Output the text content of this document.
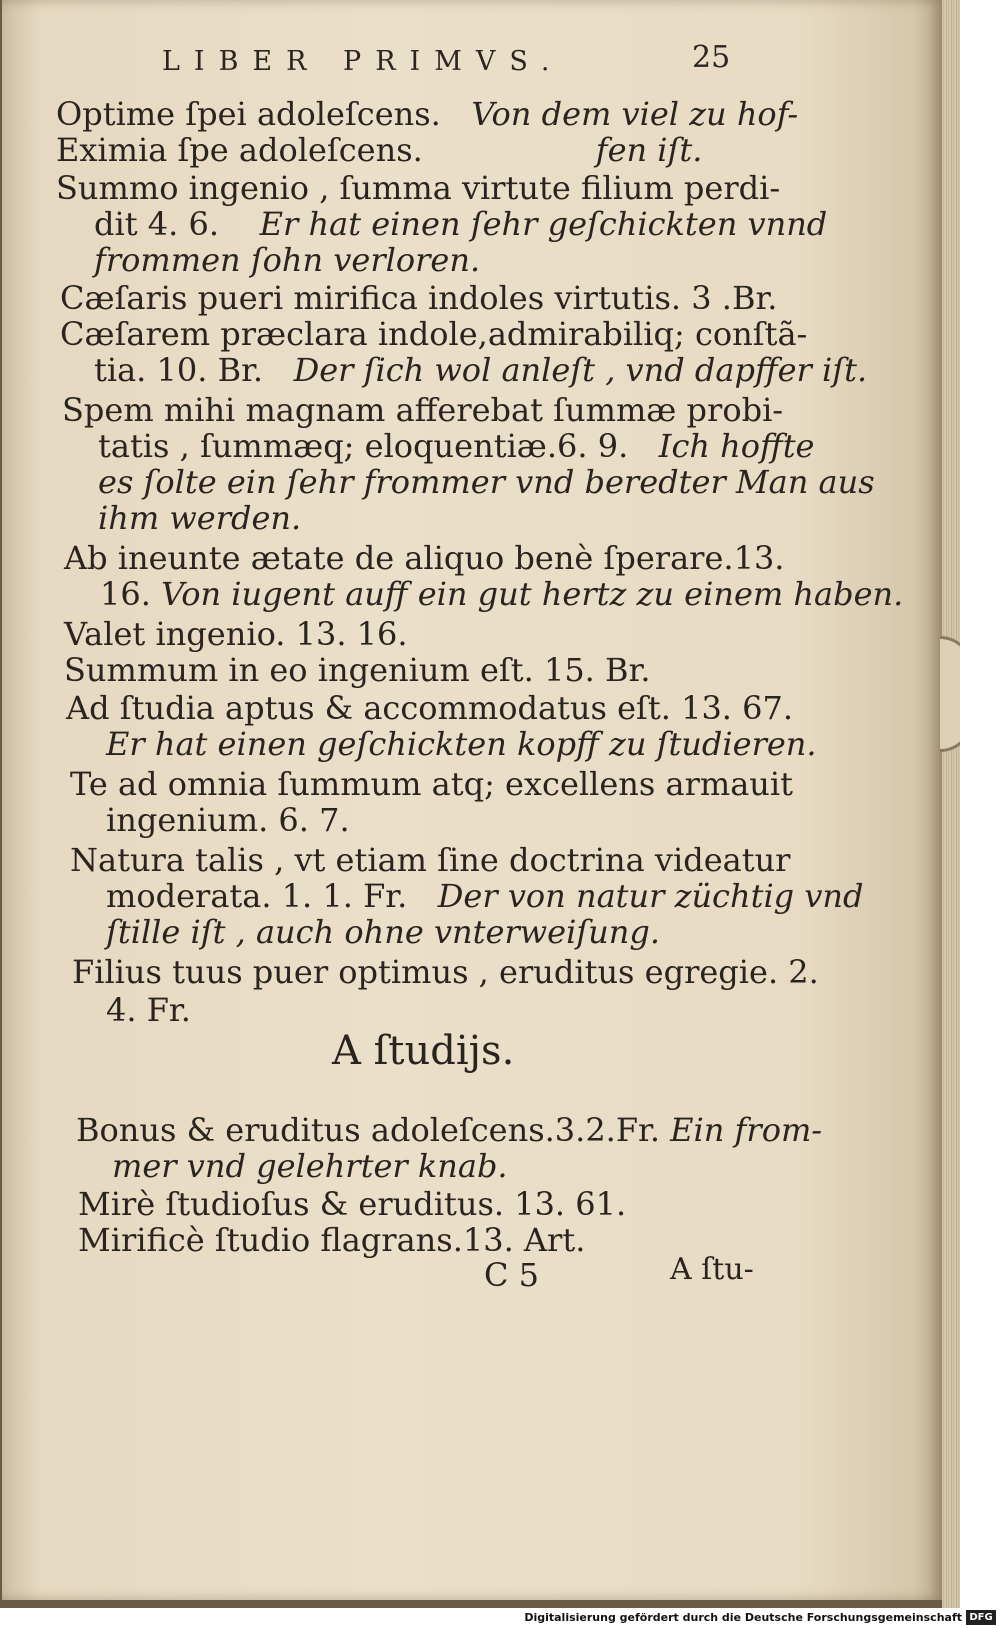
LIBER PRIMVS.	25
Optime ſpei adoleſcens. Von dem viel zu hof-
Eximia ſpe adoleſcens.	fen iſt.
Summo ingenio , ſumma virtute filium perdi-
dit 4. 6. Er hat einen ſehr geſchickten vnnd
frommen ſohn verloren.
Cæſaris pueri mirifica indoles virtutis. 3 .Br.
Cæſarem præclara indole,admirabiliq; conſtã-
tia. 10. Br. Der ſich wol anleſt , vnd dapffer iſt.
Spem mihi magnam afferebat ſummæ probi-
tatis , ſummæq; eloquentiæ.6. 9. Ich hoffte
es ſolte ein ſehr frommer vnd beredter Man aus
ihm werden.
Ab ineunte ætate de aliquo benè ſperare.13.
16. Von iugent auff ein gut hertz zu einem haben.
Valet ingenio. 13. 16.
Summum in eo ingenium eſt. 15. Br.
Ad ſtudia aptus & accommodatus eſt. 13. 67.
Er hat einen geſchickten kopff zu ſtudieren.
Te ad omnia ſummum atq; excellens armauit
ingenium. 6. 7.
Natura talis , vt etiam ſine doctrina videatur
moderata. 1. 1. Fr. Der von natur züchtig vnd
ſtille iſt , auch ohne vnterweiſung.
Filius tuus puer optimus , eruditus egregie. 2.
4. Fr.
A ſtudijs.
Bonus & eruditus adoleſcens.3.2.Fr. Ein from-
mer vnd gelehrter knab.
Mirè ſtudioſus & eruditus. 13. 61.
Mirificè ſtudio flagrans.13. Art.
C 5	A ſtu-
Digitalisierung gefördert durch die Deutsche Forschungsgemeinschaft DFG
